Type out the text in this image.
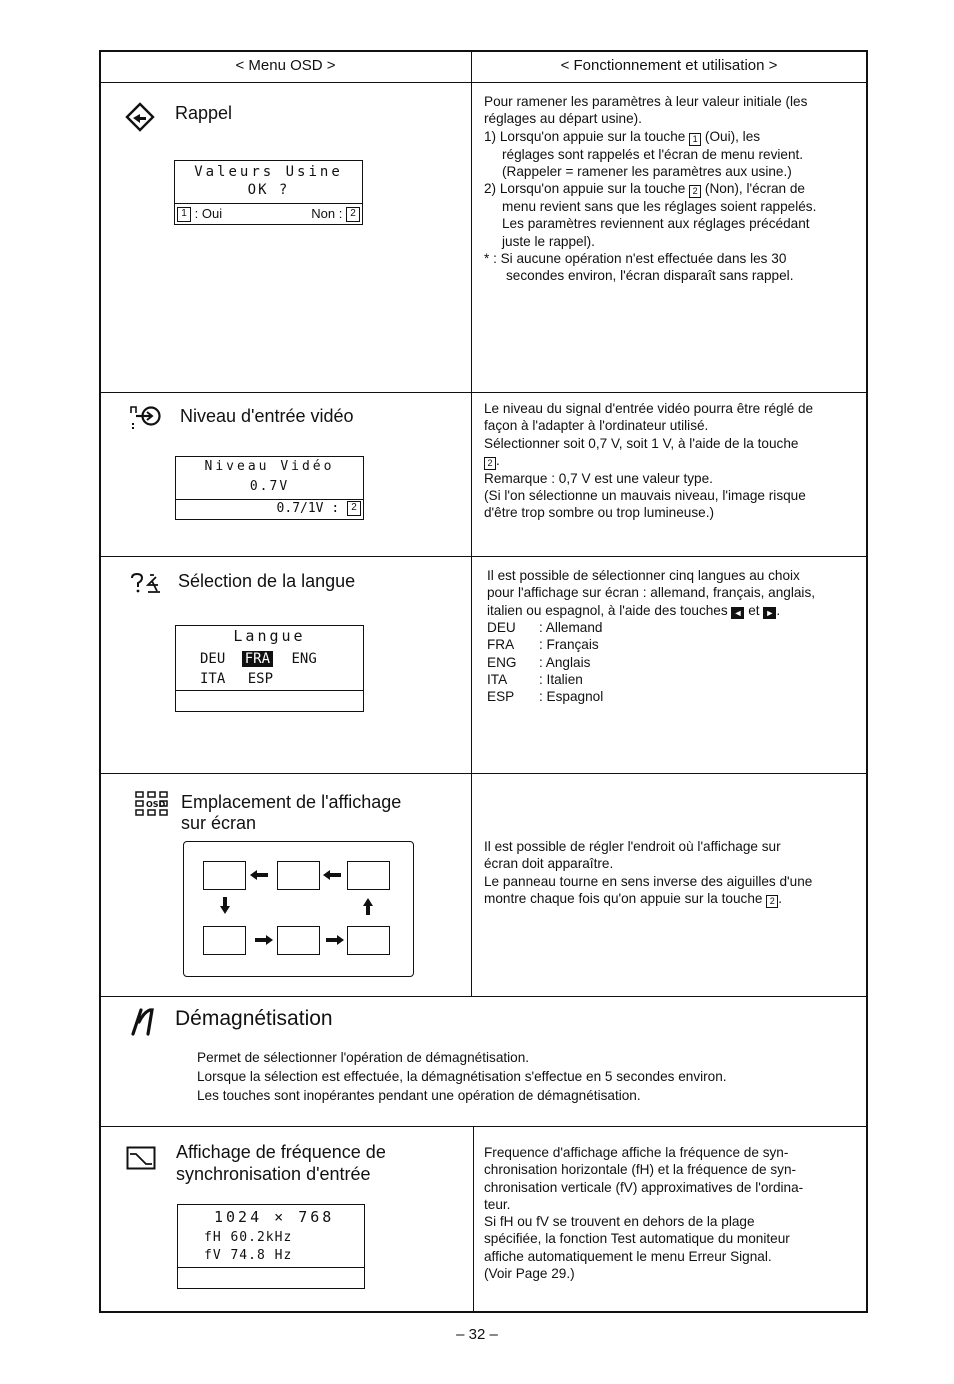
< Menu OSD >	< Fonctionnement et utilisation >
Rappel
Valeurs Usine
OK ?
1 : Oui	Non : 2

Pour ramener les paramètres à leur valeur initiale (les

réglages au départ usine).

1) Lorsqu'on appuie sur la touche 1 (Oui), les

réglages sont rappelés et l'écran de menu revient.

(Rappeler = ramener les paramètres aux usine.)

2) Lorsqu'on appuie sur la touche 2 (Non), l'écran de

menu revient sans que les réglages soient rappelés.

Les paramètres reviennent aux réglages précédant

juste le rappel).

* : Si aucune opération n'est effectuée dans les 30

secondes environ, l'écran disparaît sans rappel.

Niveau d'entrée vidéo
Niveau Vidéo
0.7V
0.7/1V : 2

Le niveau du signal d'entrée vidéo pourra être réglé de

façon à l'adapter à l'ordinateur utilisé.

Sélectionner soit 0,7 V, soit 1 V, à l'aide de la touche

2 .

Remarque : 0,7 V est une valeur type.

(Si l'on sélectionne un mauvais niveau, l'image risque

d'être trop sombre ou trop lumineuse.)

Sélection de la langue
Langue
DEU FRA ENG
ITA ESP

Il est possible de sélectionner cinq langues au choix

pour l'affichage sur écran : allemand, français, anglais,

italien ou espagnol, à l'aide des touches ◄ et ► .

DEU : Allemand
FRA : Français
ENG : Anglais
ITA : Italien
ESP : Espagnol
OSD Emplacement de l'affichage
sur écran

Il est possible de régler l'endroit où l'affichage sur

écran doit apparaître.

Le panneau tourne en sens inverse des aiguilles d'une

montre chaque fois qu'on appuie sur la touche 2 .

Démagnétisation

Permet de sélectionner l'opération de démagnétisation.

Lorsque la sélection est effectuée, la démagnétisation s'effectue en 5 secondes environ.

Les touches sont inopérantes pendant une opération de démagnétisation.

Affichage de fréquence de
synchronisation d'entrée
1024 × 768
fH 60.2kHz
fV 74.8 Hz

Frequence d'affichage affiche la fréquence de syn-

chronisation horizontale (fH) et la fréquence de syn-

chronisation verticale (fV) approximatives de l'ordina-

teur.

Si fH ou fV se trouvent en dehors de la plage

spécifiée, la fonction Test automatique du moniteur

affiche automatiquement le menu Erreur Signal.

(Voir Page 29.)

– 32 –
